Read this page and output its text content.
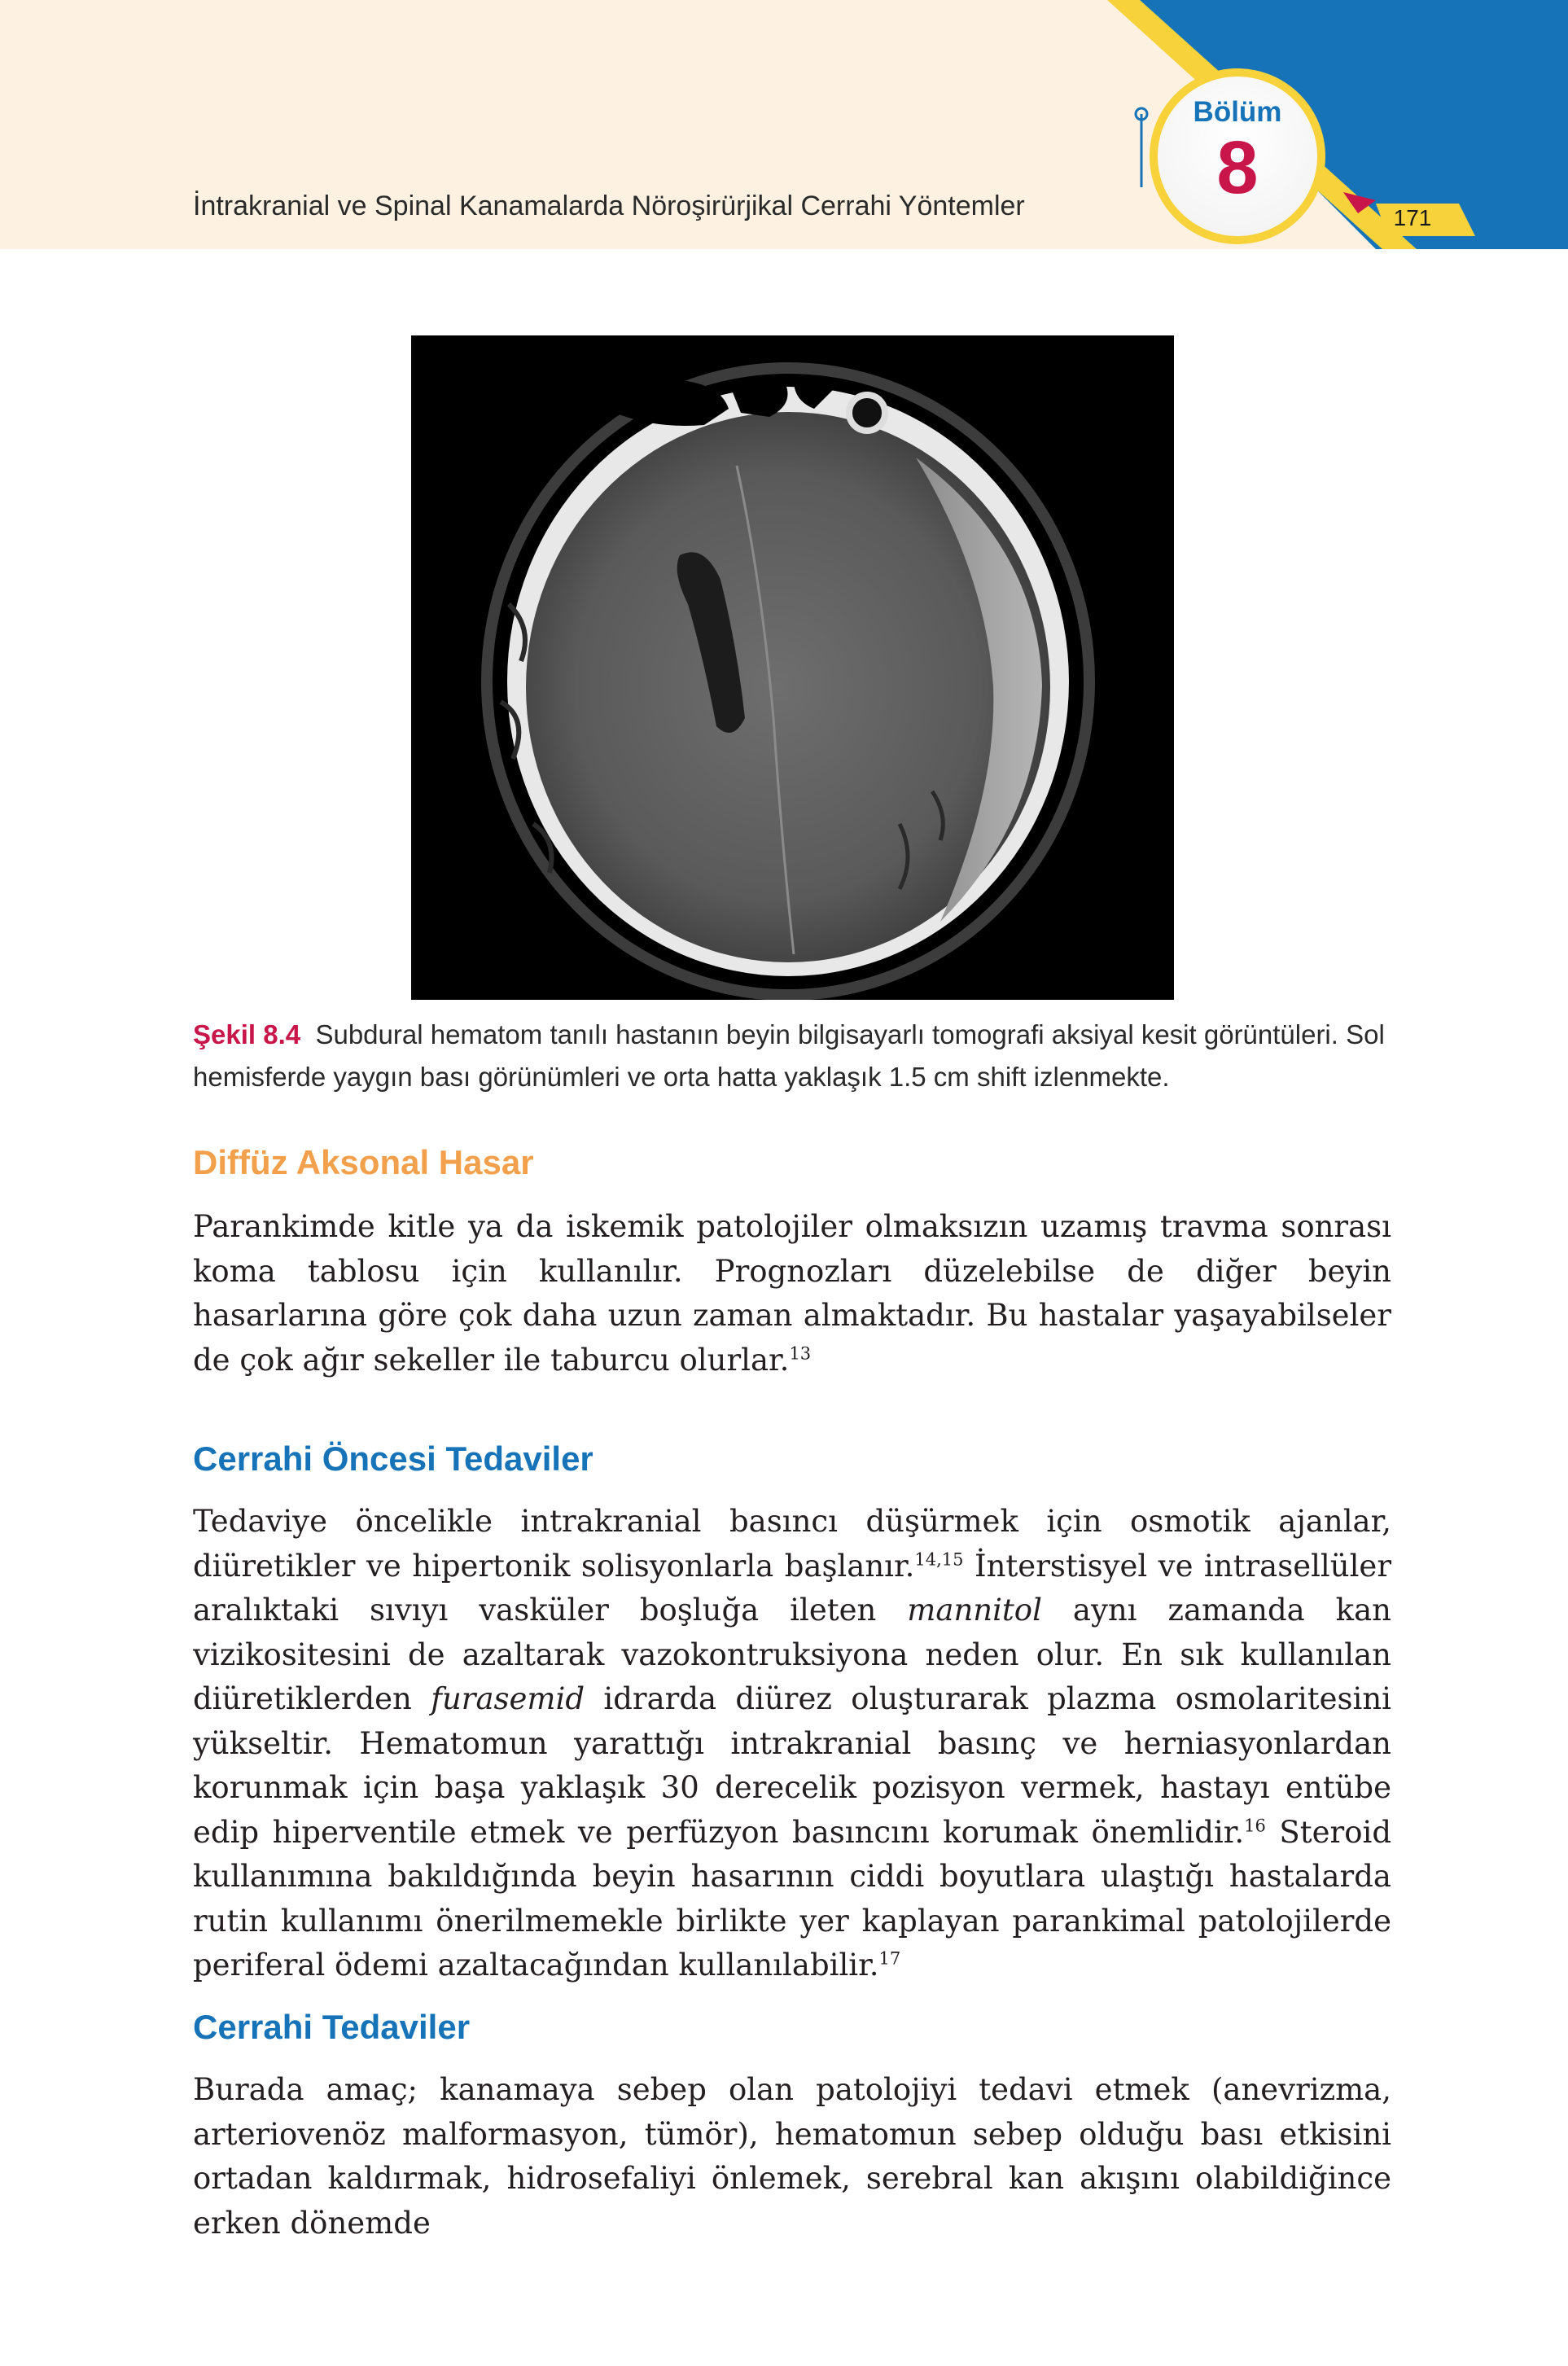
İntrakranial ve Spinal Kanamalarda Nöroşirürjikal Cerrahi Yöntemler
Bölüm
8
171
Şekil 8.4 Subdural hematom tanılı hastanın beyin bilgisayarlı tomografi aksiyal kesit görüntüleri. Sol hemisferde yaygın bası görünümleri ve orta hatta yaklaşık 1.5 cm shift izlenmekte.
Diffüz Aksonal Hasar
Parankimde kitle ya da iskemik patolojiler olmaksızın uzamış travma sonrası koma tablosu için kullanılır. Prognozları düzelebilse de diğer beyin hasarlarına göre çok daha uzun zaman almaktadır. Bu hastalar yaşayabilseler de çok ağır sekeller ile taburcu olurlar.$^{13}$
Cerrahi Öncesi Tedaviler
Tedaviye öncelikle intrakranial basıncı düşürmek için osmotik ajanlar, diüretikler ve hipertonik solisyonlarla başlanır.$^{14,15}$ İnterstisyel ve intrasellüler aralıktaki sıvıyı vasküler boşluğa ileten mannitol aynı zamanda kan vizikositesini de azaltarak vazokontruksiyona neden olur. En sık kullanılan diüretiklerden furasemid idrarda diürez oluşturarak plazma osmolaritesini yükseltir. Hematomun yarattığı intrakranial basınç ve herniasyonlardan korunmak için başa yaklaşık 30 derecelik pozisyon vermek, hastayı entübe edip hiperventile etmek ve perfüzyon basıncını korumak önemlidir.$^{16}$ Steroid kullanımına bakıldığında beyin hasarının ciddi boyutlara ulaştığı hastalarda rutin kullanımı önerilmemekle birlikte yer kaplayan parankimal patolojilerde periferal ödemi azaltacağından kullanılabilir.$^{17}$
Cerrahi Tedaviler
Burada amaç; kanamaya sebep olan patolojiyi tedavi etmek (anevrizma, arteriovenöz malformasyon, tümör), hematomun sebep olduğu bası etkisini ortadan kaldırmak, hidrosefaliyi önlemek, serebral kan akışını olabildiğince erken dönemde
